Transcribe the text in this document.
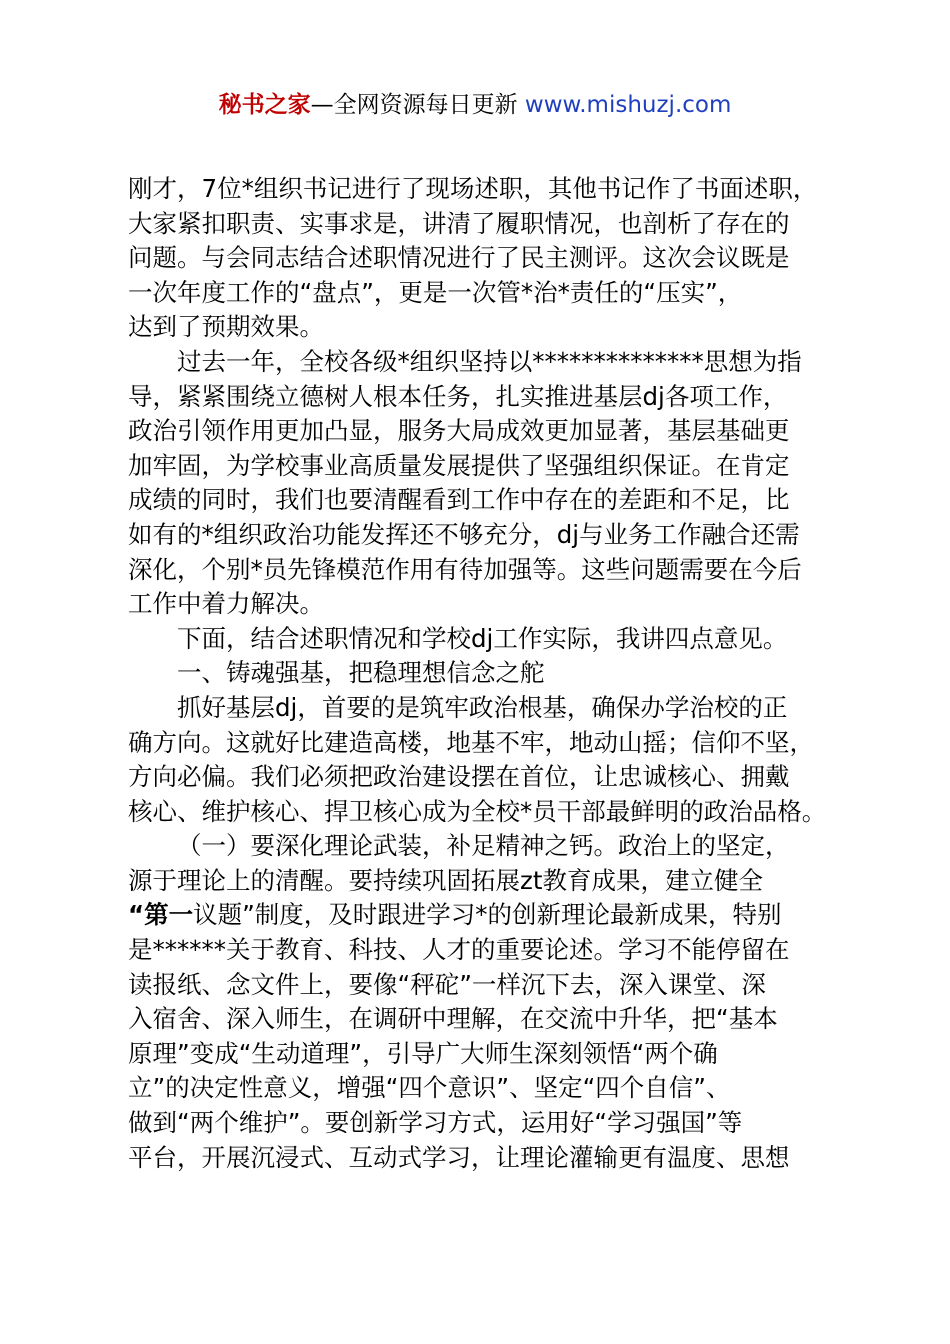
秘书之家—全网资源每日更新 www.mishuzj.com
刚才，7位*组织书记进行了现场述职，其他书记作了书面述职，
大家紧扣职责、实事求是，讲清了履职情况，也剖析了存在的
问题。与会同志结合述职情况进行了民主测评。这次会议既是
一次年度工作的“盘点”，更是一次管*治*责任的“压实”，
达到了预期效果。
过去一年，全校各级*组织坚持以**************思想为指
导，紧紧围绕立德树人根本任务，扎实推进基层dj各项工作，
政治引领作用更加凸显，服务大局成效更加显著，基层基础更
加牢固，为学校事业高质量发展提供了坚强组织保证。在肯定
成绩的同时，我们也要清醒看到工作中存在的差距和不足，比
如有的*组织政治功能发挥还不够充分，dj与业务工作融合还需
深化，个别*员先锋模范作用有待加强等。这些问题需要在今后
工作中着力解决。
下面，结合述职情况和学校dj工作实际，我讲四点意见。
一、铸魂强基，把稳理想信念之舵
抓好基层dj，首要的是筑牢政治根基，确保办学治校的正
确方向。这就好比建造高楼，地基不牢，地动山摇；信仰不坚，
方向必偏。我们必须把政治建设摆在首位，让忠诚核心、拥戴
核心、维护核心、捍卫核心成为全校*员干部最鲜明的政治品格。
（一）要深化理论武装，补足精神之钙。政治上的坚定，
源于理论上的清醒。要持续巩固拓展zt教育成果，建立健全
“第一议题”制度，及时跟进学习*的创新理论最新成果，特别
是******关于教育、科技、人才的重要论述。学习不能停留在
读报纸、念文件上，要像“秤砣”一样沉下去，深入课堂、深
入宿舍、深入师生，在调研中理解，在交流中升华，把“基本
原理”变成“生动道理”，引导广大师生深刻领悟“两个确
立”的决定性意义，增强“四个意识”、坚定“四个自信”、
做到“两个维护”。要创新学习方式，运用好“学习强国”等
平台，开展沉浸式、互动式学习，让理论灌输更有温度、思想
